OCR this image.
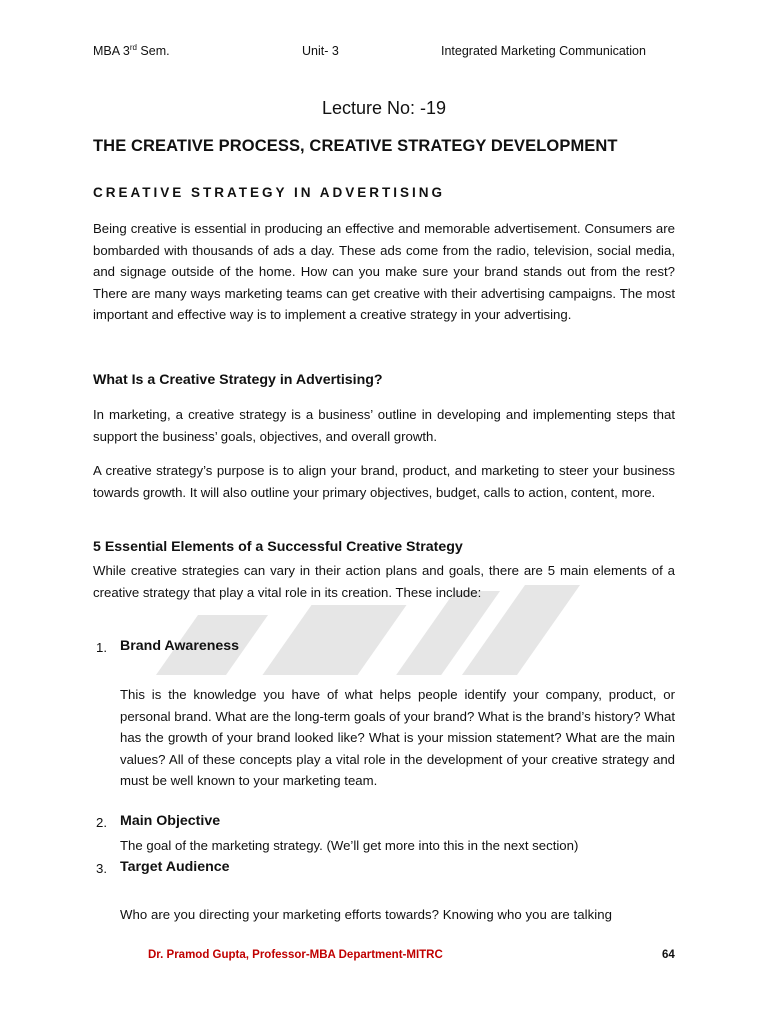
MBA 3rd Sem.	Unit- 3	Integrated Marketing Communication
Lecture No: -19
THE CREATIVE PROCESS, CREATIVE STRATEGY DEVELOPMENT
CREATIVE STRATEGY IN ADVERTISING
Being creative is essential in producing an effective and memorable advertisement. Consumers are bombarded with thousands of ads a day. These ads come from the radio, television, social media, and signage outside of the home. How can you make sure your brand stands out from the rest? There are many ways marketing teams can get creative with their advertising campaigns. The most important and effective way is to implement a creative strategy in your advertising.
What Is a Creative Strategy in Advertising?
In marketing, a creative strategy is a business’ outline in developing and implementing steps that support the business’ goals, objectives, and overall growth.
A creative strategy’s purpose is to align your brand, product, and marketing to steer your business towards growth. It will also outline your primary objectives, budget, calls to action, content, more.
5 Essential Elements of a Successful Creative Strategy
While creative strategies can vary in their action plans and goals, there are 5 main elements of a creative strategy that play a vital role in its creation. These include:
1. Brand Awareness
This is the knowledge you have of what helps people identify your company, product, or personal brand. What are the long-term goals of your brand? What is the brand’s history? What has the growth of your brand looked like? What is your mission statement? What are the main values? All of these concepts play a vital role in the development of your creative strategy and must be well known to your marketing team.
2. Main Objective
The goal of the marketing strategy. (We’ll get more into this in the next section)
3. Target Audience
Who are you directing your marketing efforts towards? Knowing who you are talking
Dr. Pramod Gupta, Professor-MBA Department-MITRC	64
